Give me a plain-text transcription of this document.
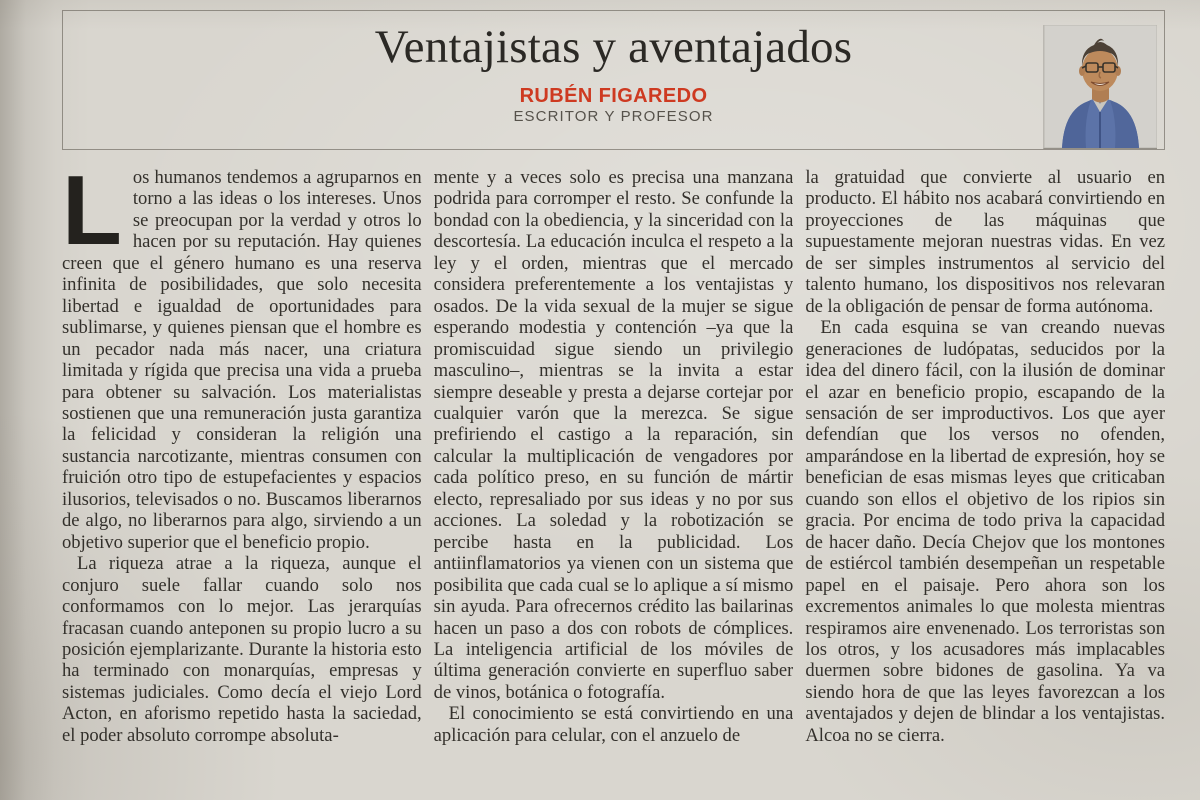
Ventajistas y aventajados
RUBÉN FIGAREDO
ESCRITOR Y PROFESOR

Los humanos tendemos a agruparnos en torno a las ideas o los intereses. Unos se preocupan por la verdad y otros lo hacen por su reputación. Hay quienes creen que el género humano es una reserva infinita de posibilidades, que solo necesita libertad e igualdad de oportunidades para sublimarse, y quienes piensan que el hombre es un pecador nada más nacer, una criatura limitada y rígida que precisa una vida a prueba para obtener su salvación. Los materialistas sostienen que una remuneración justa garantiza la felicidad y consideran la religión una sustancia narcotizante, mientras consumen con fruición otro tipo de estupefacientes y espacios ilusorios, televisados o no. Buscamos liberarnos de algo, no liberarnos para algo, sirviendo a un objetivo superior que el beneficio propio.

La riqueza atrae a la riqueza, aunque el conjuro suele fallar cuando solo nos conformamos con lo mejor. Las jerarquías fracasan cuando anteponen su propio lucro a su posición ejemplarizante. Durante la historia esto ha terminado con monarquías, empresas y sistemas judiciales. Como decía el viejo Lord Acton, en aforismo repetido hasta la saciedad, el poder absoluto corrompe absoluta-

mente y a veces solo es precisa una manzana podrida para corromper el resto. Se confunde la bondad con la obediencia, y la sinceridad con la descortesía. La educación inculca el respeto a la ley y el orden, mientras que el mercado considera preferentemente a los ventajistas y osados. De la vida sexual de la mujer se sigue esperando modestia y contención –ya que la promiscuidad sigue siendo un privilegio masculino–, mientras se la invita a estar siempre deseable y presta a dejarse cortejar por cualquier varón que la merezca. Se sigue prefiriendo el castigo a la reparación, sin calcular la multiplicación de vengadores por cada político preso, en su función de mártir electo, represaliado por sus ideas y no por sus acciones. La soledad y la robotización se percibe hasta en la publicidad. Los antiinflamatorios ya vienen con un sistema que posibilita que cada cual se lo aplique a sí mismo sin ayuda. Para ofrecernos crédito las bailarinas hacen un paso a dos con robots de cómplices. La inteligencia artificial de los móviles de última generación convierte en superfluo saber de vinos, botánica o fotografía.

El conocimiento se está convirtiendo en una aplicación para celular, con el anzuelo de

la gratuidad que convierte al usuario en producto. El hábito nos acabará convirtiendo en proyecciones de las máquinas que supuestamente mejoran nuestras vidas. En vez de ser simples instrumentos al servicio del talento humano, los dispositivos nos relevaran de la obligación de pensar de forma autónoma.

En cada esquina se van creando nuevas generaciones de ludópatas, seducidos por la idea del dinero fácil, con la ilusión de dominar el azar en beneficio propio, escapando de la sensación de ser improductivos. Los que ayer defendían que los versos no ofenden, amparándose en la libertad de expresión, hoy se benefician de esas mismas leyes que criticaban cuando son ellos el objetivo de los ripios sin gracia. Por encima de todo priva la capacidad de hacer daño. Decía Chejov que los montones de estiércol también desempeñan un respetable papel en el paisaje. Pero ahora son los excrementos animales lo que molesta mientras respiramos aire envenenado. Los terroristas son los otros, y los acusadores más implacables duermen sobre bidones de gasolina. Ya va siendo hora de que las leyes favorezcan a los aventajados y dejen de blindar a los ventajistas. Alcoa no se cierra.
